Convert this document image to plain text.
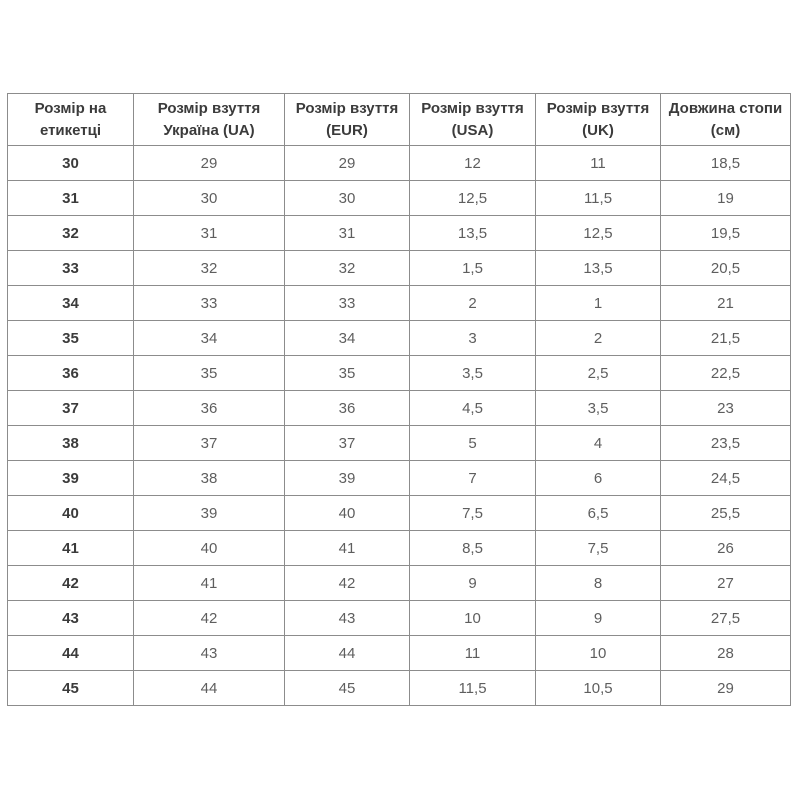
Розмір на етикетці	Розмір взуття Україна (UA)	Розмір взуття (EUR)	Розмір взуття (USA)	Розмір взуття (UK)	Довжина стопи (см)
30	29	29	12	11	18,5
31	30	30	12,5	11,5	19
32	31	31	13,5	12,5	19,5
33	32	32	1,5	13,5	20,5
34	33	33	2	1	21
35	34	34	3	2	21,5
36	35	35	3,5	2,5	22,5
37	36	36	4,5	3,5	23
38	37	37	5	4	23,5
39	38	39	7	6	24,5
40	39	40	7,5	6,5	25,5
41	40	41	8,5	7,5	26
42	41	42	9	8	27
43	42	43	10	9	27,5
44	43	44	11	10	28
45	44	45	11,5	10,5	29
